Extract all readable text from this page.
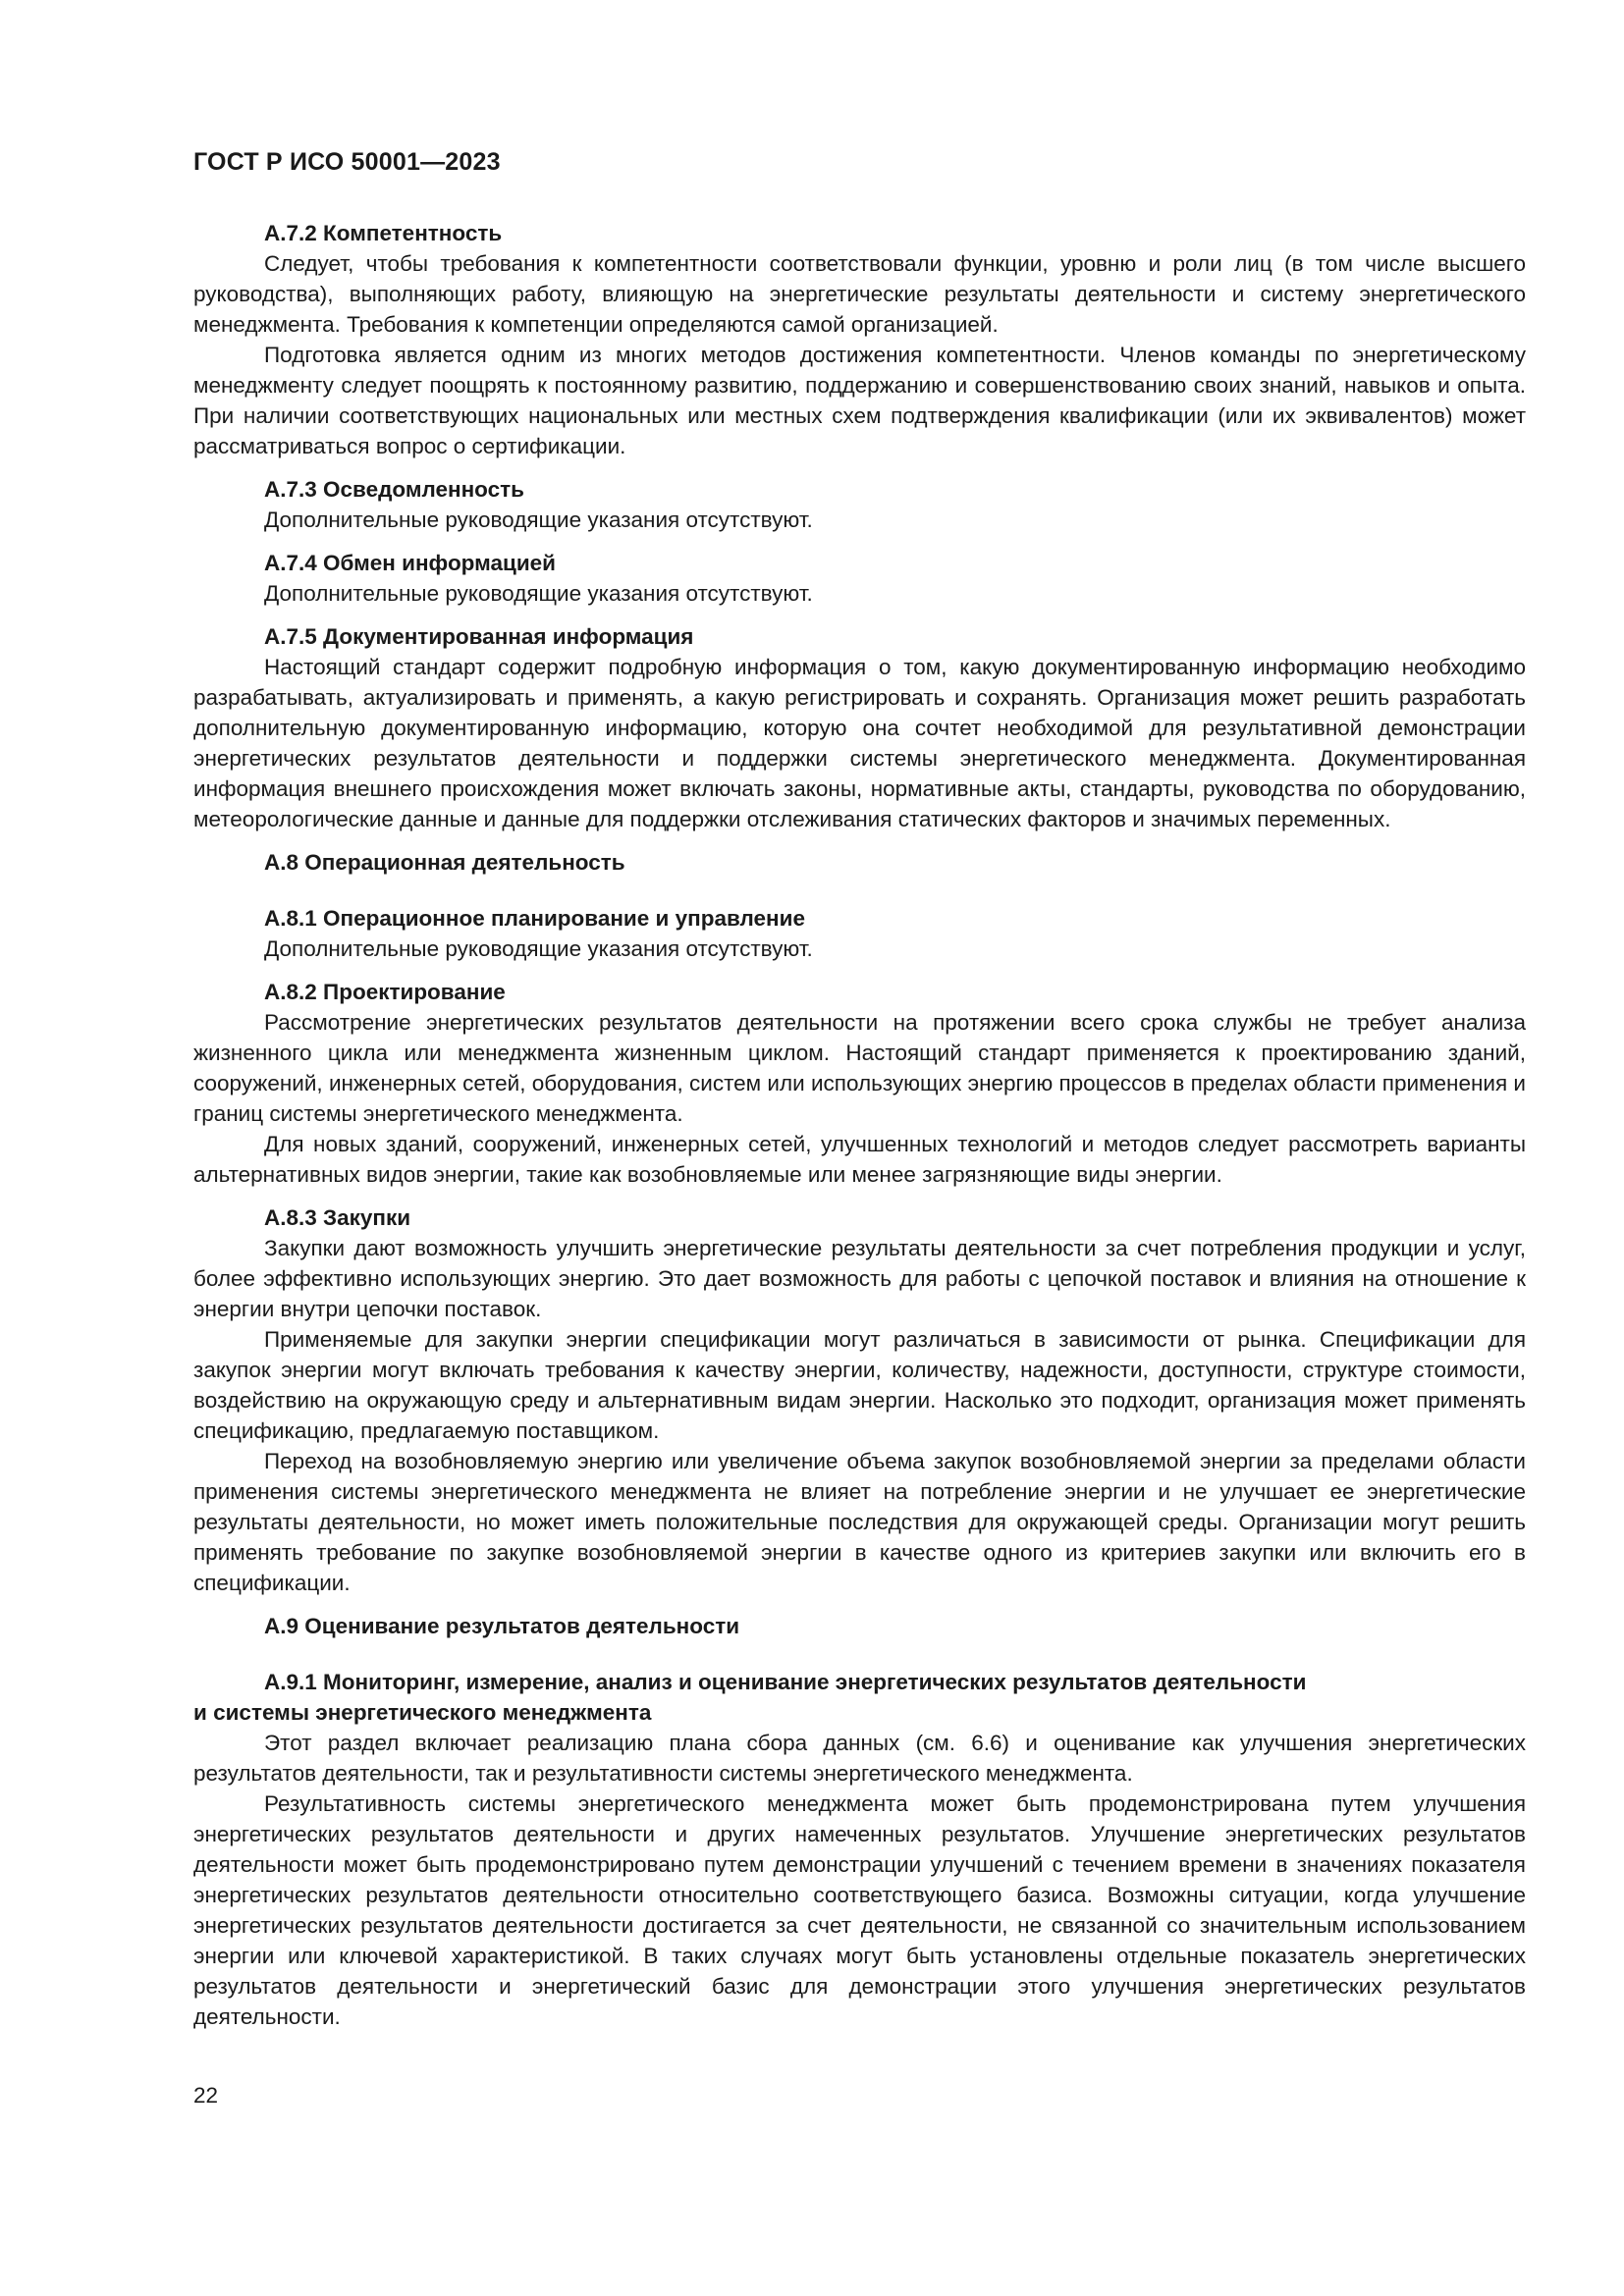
ГОСТ Р ИСО 50001—2023
А.7.2 Компетентность

Следует, чтобы требования к компетентности соответствовали функции, уровню и роли лиц (в том числе высшего руководства), выполняющих работу, влияющую на энергетические результаты деятельности и систему энергетического менеджмента. Требования к компетенции определяются самой организацией.

Подготовка является одним из многих методов достижения компетентности. Членов команды по энергетическому менеджменту следует поощрять к постоянному развитию, поддержанию и совершенствованию своих знаний, навыков и опыта. При наличии соответствующих национальных или местных схем подтверждения квалификации (или их эквивалентов) может рассматриваться вопрос о сертификации.

А.7.3 Осведомленность

Дополнительные руководящие указания отсутствуют.

А.7.4 Обмен информацией

Дополнительные руководящие указания отсутствуют.

А.7.5 Документированная информация

Настоящий стандарт содержит подробную информация о том, какую документированную информацию необходимо разрабатывать, актуализировать и применять, а какую регистрировать и сохранять. Организация может решить разработать дополнительную документированную информацию, которую она сочтет необходимой для результативной демонстрации энергетических результатов деятельности и поддержки системы энергетического менеджмента. Документированная информация внешнего происхождения может включать законы, нормативные акты, стандарты, руководства по оборудованию, метеорологические данные и данные для поддержки отслеживания статических факторов и значимых переменных.

А.8 Операционная деятельность
А.8.1 Операционное планирование и управление

Дополнительные руководящие указания отсутствуют.

А.8.2 Проектирование

Рассмотрение энергетических результатов деятельности на протяжении всего срока службы не требует анализа жизненного цикла или менеджмента жизненным циклом. Настоящий стандарт применяется к проектированию зданий, сооружений, инженерных сетей, оборудования, систем или использующих энергию процессов в пределах области применения и границ системы энергетического менеджмента.

Для новых зданий, сооружений, инженерных сетей, улучшенных технологий и методов следует рассмотреть варианты альтернативных видов энергии, такие как возобновляемые или менее загрязняющие виды энергии.

А.8.3 Закупки

Закупки дают возможность улучшить энергетические результаты деятельности за счет потребления продукции и услуг, более эффективно использующих энергию. Это дает возможность для работы с цепочкой поставок и влияния на отношение к энергии внутри цепочки поставок.

Применяемые для закупки энергии спецификации могут различаться в зависимости от рынка. Спецификации для закупок энергии могут включать требования к качеству энергии, количеству, надежности, доступности, структуре стоимости, воздействию на окружающую среду и альтернативным видам энергии. Насколько это подходит, организация может применять спецификацию, предлагаемую поставщиком.

Переход на возобновляемую энергию или увеличение объема закупок возобновляемой энергии за пределами области применения системы энергетического менеджмента не влияет на потребление энергии и не улучшает ее энергетические результаты деятельности, но может иметь положительные последствия для окружающей среды. Организации могут решить применять требование по закупке возобновляемой энергии в качестве одного из критериев закупки или включить его в спецификации.

А.9 Оценивание результатов деятельности
А.9.1 Мониторинг, измерение, анализ и оценивание энергетических результатов деятельности
и системы энергетического менеджмента

Этот раздел включает реализацию плана сбора данных (см. 6.6) и оценивание как улучшения энергетических результатов деятельности, так и результативности системы энергетического менеджмента.

Результативность системы энергетического менеджмента может быть продемонстрирована путем улучшения энергетических результатов деятельности и других намеченных результатов. Улучшение энергетических результатов деятельности может быть продемонстрировано путем демонстрации улучшений с течением времени в значениях показателя энергетических результатов деятельности относительно соответствующего базиса. Возможны ситуации, когда улучшение энергетических результатов деятельности достигается за счет деятельности, не связанной со значительным использованием энергии или ключевой характеристикой. В таких случаях могут быть установлены отдельные показатель энергетических результатов деятельности и энергетический базис для демонстрации этого улучшения энергетических результатов деятельности.

22
